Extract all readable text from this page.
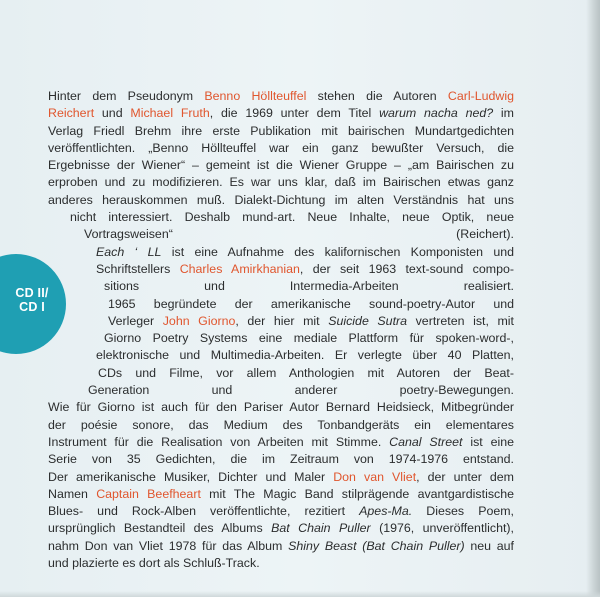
CD II/
CD I
Hinter dem Pseudonym Benno Höllteuffel stehen die Autoren Carl-Ludwig
Reichert und Michael Fruth, die 1969 unter dem Titel warum nacha ned? im
Verlag Friedl Brehm ihre erste Publikation mit bairischen Mundartgedichten
veröffentlichten. „Benno Höllteuffel war ein ganz bewußter Versuch, die
Ergebnisse der Wiener“ – gemeint ist die Wiener Gruppe – „am Bairischen zu
erproben und zu modifizieren. Es war uns klar, daß im Bairischen etwas ganz
anderes herauskommen muß. Dialekt-Dichtung im alten Verständnis hat uns
nicht interessiert. Deshalb mund-art. Neue Inhalte, neue Optik, neue
Vortragsweisen“ (Reichert).
Each ‘ LL ist eine Aufnahme des kalifornischen Komponisten und
Schriftstellers Charles Amirkhanian, der seit 1963 text-sound compo-
sitions und Intermedia-Arbeiten realisiert.
1965 begründete der amerikanische sound-poetry-Autor und
Verleger John Giorno, der hier mit Suicide Sutra vertreten ist, mit
Giorno Poetry Systems eine mediale Plattform für spoken-word-,
elektronische und Multimedia-Arbeiten. Er verlegte über 40 Platten,
CDs und Filme, vor allem Anthologien mit Autoren der Beat-
Generation und anderer poetry-Bewegungen.
Wie für Giorno ist auch für den Pariser Autor Bernard Heidsieck, Mitbegründer
der poésie sonore, das Medium des Tonbandgeräts ein elementares
Instrument für die Realisation von Arbeiten mit Stimme. Canal Street ist eine
Serie von 35 Gedichten, die im Zeitraum von 1974-1976 entstand.
Der amerikanische Musiker, Dichter und Maler Don van Vliet, der unter dem
Namen Captain Beefheart mit The Magic Band stilprägende avantgardistische
Blues- und Rock-Alben veröffentlichte, rezitiert Apes-Ma. Dieses Poem,
ursprünglich Bestandteil des Albums Bat Chain Puller (1976, unveröffentlicht),
nahm Don van Vliet 1978 für das Album Shiny Beast (Bat Chain Puller) neu auf
und plazierte es dort als Schluß-Track.
